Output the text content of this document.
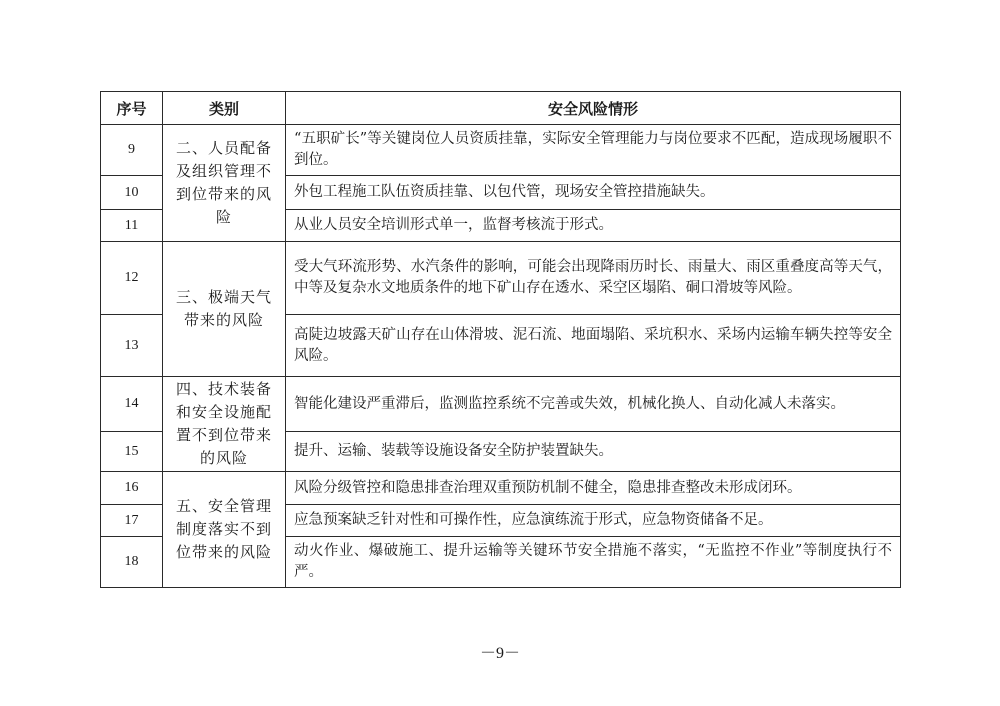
序号	类别	安全风险情形
9	二、人员配备及组织管理不到位带来的风险	“五职矿长”等关键岗位人员资质挂靠，实际安全管理能力与岗位要求不匹配，造成现场履职不到位。
10		外包工程施工队伍资质挂靠、以包代管，现场安全管控措施缺失。
11		从业人员安全培训形式单一，监督考核流于形式。
12	三、极端天气带来的风险	受大气环流形势、水汽条件的影响，可能会出现降雨历时长、雨量大、雨区重叠度高等天气，中等及复杂水文地质条件的地下矿山存在透水、采空区塌陷、硐口滑坡等风险。
13		高陡边坡露天矿山存在山体滑坡、泥石流、地面塌陷、采坑积水、采场内运输车辆失控等安全风险。
14	四、技术装备和安全设施配置不到位带来的风险	智能化建设严重滞后，监测监控系统不完善或失效，机械化换人、自动化减人未落实。
15		提升、运输、装载等设施设备安全防护装置缺失。
16	五、安全管理制度落实不到位带来的风险	风险分级管控和隐患排查治理双重预防机制不健全，隐患排查整改未形成闭环。
17		应急预案缺乏针对性和可操作性，应急演练流于形式，应急物资储备不足。
18		动火作业、爆破施工、提升运输等关键环节安全措施不落实，“无监控不作业”等制度执行不严。
－9－
